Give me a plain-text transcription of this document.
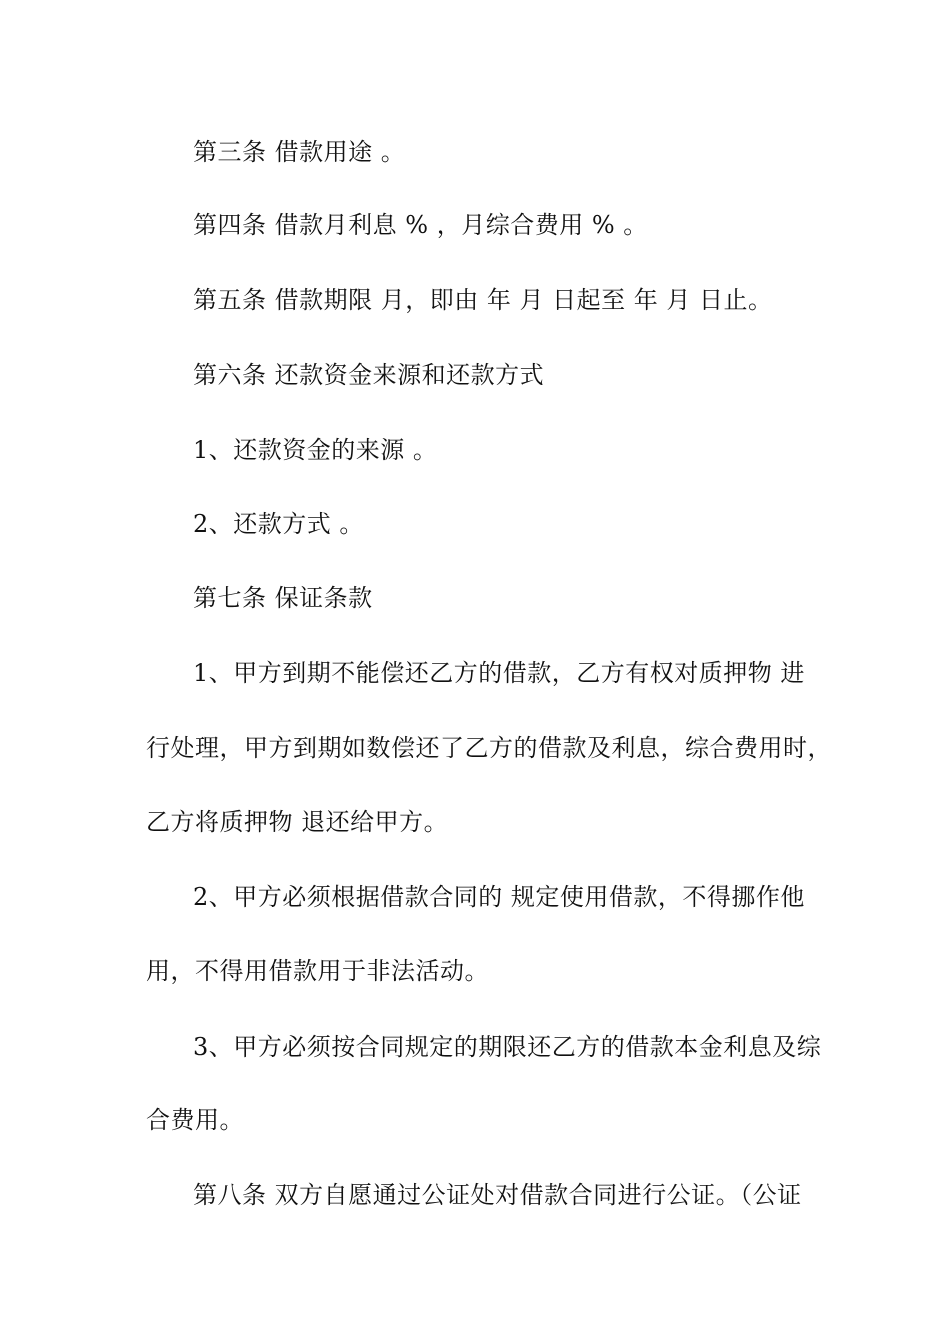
第三条 借款用途 。
第四条 借款月利息 % ，月综合费用 % 。
第五条 借款期限 月，即由 年 月 日起至 年 月 日止。
第六条 还款资金来源和还款方式
1、还款资金的来源 。
2、还款方式 。
第七条 保证条款
1、甲方到期不能偿还乙方的借款，乙方有权对质押物 进
行处理，甲方到期如数偿还了乙方的借款及利息，综合费用时，
乙方将质押物 退还给甲方。
2、甲方必须根据借款合同的 规定使用借款，不得挪作他
用，不得用借款用于非法活动。
3、甲方必须按合同规定的期限还乙方的借款本金利息及综
合费用。
第八条 双方自愿通过公证处对借款合同进行公证。（公证
